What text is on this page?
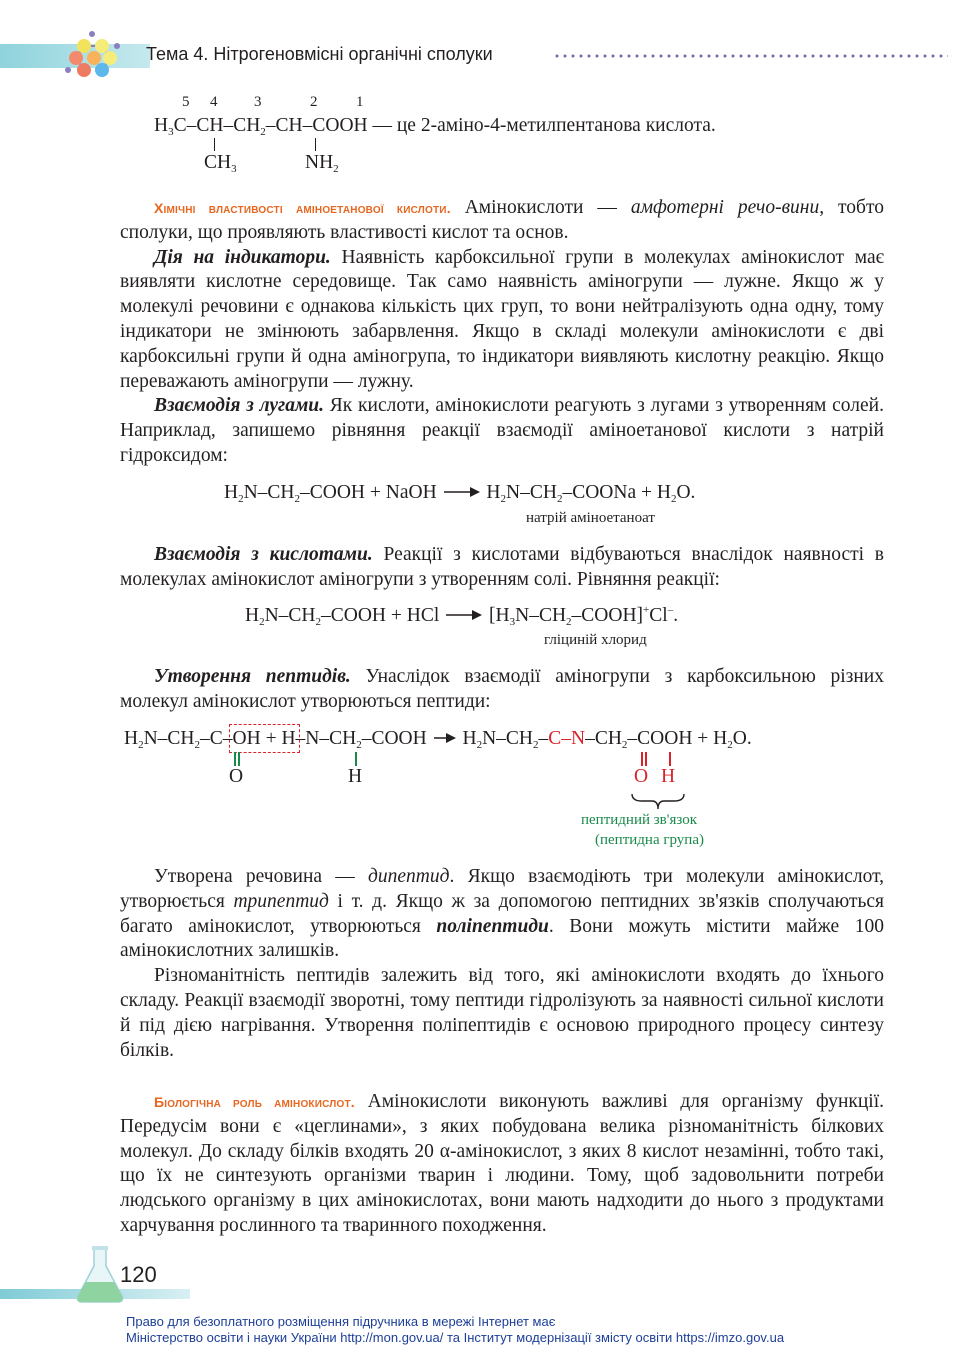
Тема 4. Нітрогеновмісні органічні сполуки
5 4 3	2	1
$H_3C-CH-CH_2-CH$–COOH — це 2-аміно-4-метилпентанова кислота.
$CH_3$	$NH_2$

Хімічні властивості аміноетанової кислоти. Амінокислоти — амфотерні речо-вини, тобто сполуки, що проявляють властивості кислот та основ.

Дія на індикатори. Наявність карбоксильної групи в молекулах амінокислот має виявляти кислотне середовище. Так само наявність аміногрупи — лужне. Якщо ж у молекулі речовини є однакова кількість цих груп, то вони нейтралізують одна одну, тому індикатори не змінюють забарвлення. Якщо в складі молекули амінокислоти є дві карбоксильні групи й одна аміногрупа, то індикатори виявляють кислотну реакцію. Якщо переважають аміногрупи — лужну.

Взаємодія з лугами. Як кислоти, амінокислоти реагують з лугами з утворенням солей. Наприклад, запишемо рівняння реакції взаємодії аміноетанової кислоти з натрій гідроксидом:

$H_2N-CH_2$–COOH + NaOH → $H_2N-CH_2$–COONa + $H_2O$.
натрій аміноетаноат

Взаємодія з кислотами. Реакції з кислотами відбуваються внаслідок наявності в молекулах амінокислот аміногрупи з утворенням солі. Рівняння реакції:

$H_2N-CH_2$–COOH + HCl → $[H_3N-CH_2-COOH]^+Cl^-$.
гліциній хлорид

Утворення пептидів. Унаслідок взаємодії аміногрупи з карбоксильною різних молекул амінокислот утворюються пептиди:

$H_2N-CH_2-C-OH$ + $H-N-CH_2$–COOH → $H_2N-CH_2-C-N-CH_2$–COOH + $H_2O$.
O	H	O H
пептидний зв'язок
(пептидна група)

Утворена речовина — дипептид. Якщо взаємодіють три молекули амінокислот, утворюється трипептид і т. д. Якщо ж за допомогою пептидних зв'язків сполучаються багато амінокислот, утворюються поліпептиди. Вони можуть містити майже 100 амінокислотних залишків.

Різноманітність пептидів залежить від того, які амінокислоти входять до їхнього складу. Реакції взаємодії зворотні, тому пептиди гідролізують за наявності сильної кислоти й під дією нагрівання. Утворення поліпептидів є основою природного процесу синтезу білків.

Біологічна роль амінокислот. Амінокислоти виконують важливі для організму функції. Передусім вони є «цеглинами», з яких побудована велика різноманітність білкових молекул. До складу білків входять 20 α-амінокислот, з яких 8 кислот незамінні, тобто такі, що їх не синтезують організми тварин і людини. Тому, щоб задовольнити потреби людського організму в цих амінокислотах, вони мають надходити до нього з продуктами харчування рослинного та тваринного походження.

120
Право для безоплатного розміщення підручника в мережі Інтернет має
Міністерство освіти і науки України http://mon.gov.ua/ та Інститут модернізації змісту освіти https://imzo.gov.ua
